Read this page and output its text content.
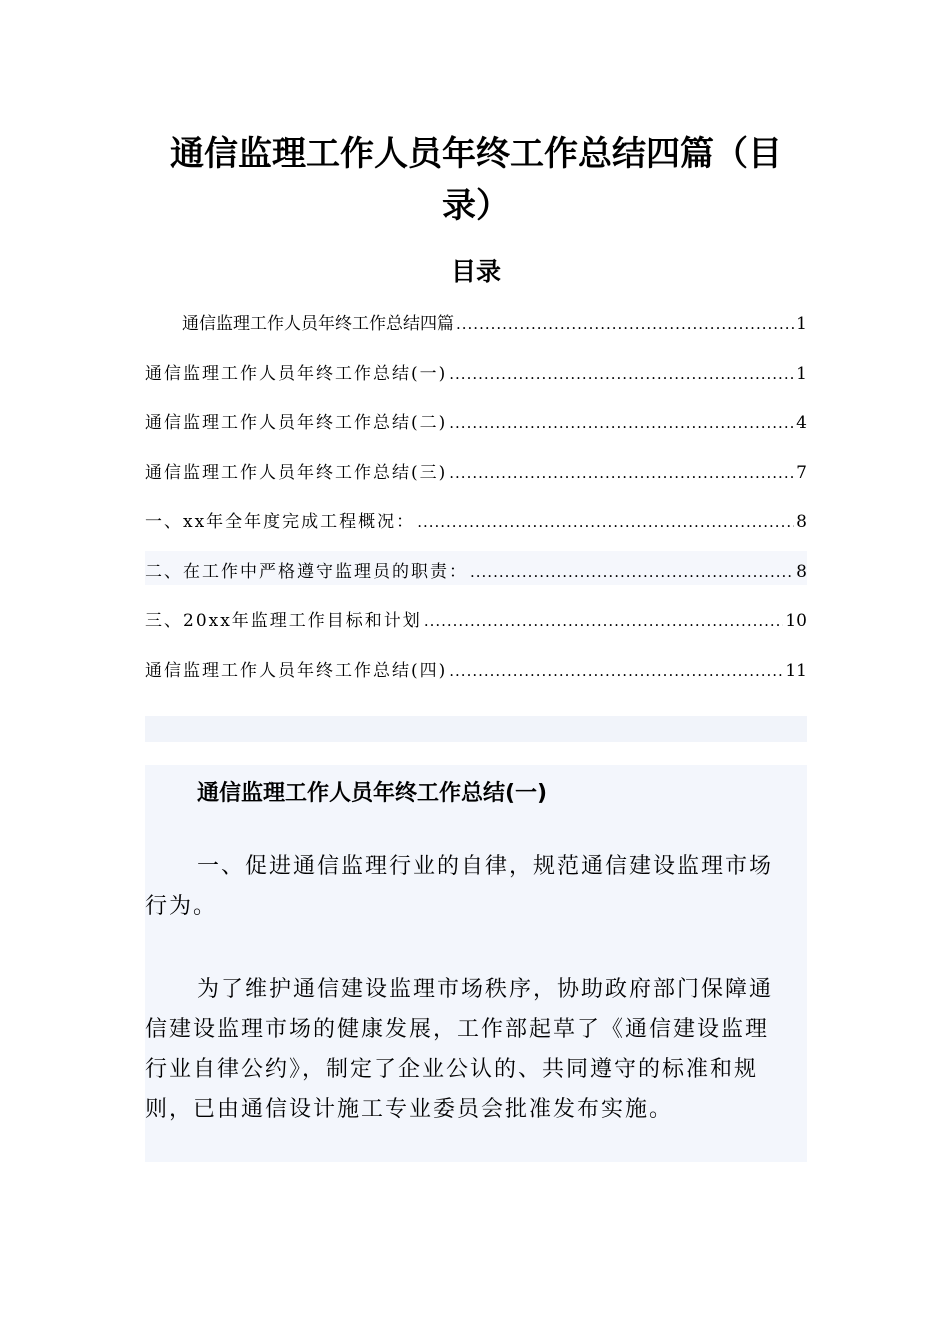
通信监理工作人员年终工作总结四篇（目录）
目录
通信监理工作人员年终工作总结四篇 .....	1
通信监理工作人员年终工作总结(一) .....	1
通信监理工作人员年终工作总结(二) .....	4
通信监理工作人员年终工作总结(三) .....	7
一、xx年全年度完成工程概况： .....	8
二、在工作中严格遵守监理员的职责： .....	8
三、20xx年监理工作目标和计划 .....	10
通信监理工作人员年终工作总结(四) .....	11
通信监理工作人员年终工作总结(一)
一、促进通信监理行业的自律，规范通信建设监理市场行为。
为了维护通信建设监理市场秩序，协助政府部门保障通信建设监理市场的健康发展，工作部起草了《通信建设监理行业自律公约》，制定了企业公认的、共同遵守的标准和规则，已由通信设计施工专业委员会批准发布实施。
